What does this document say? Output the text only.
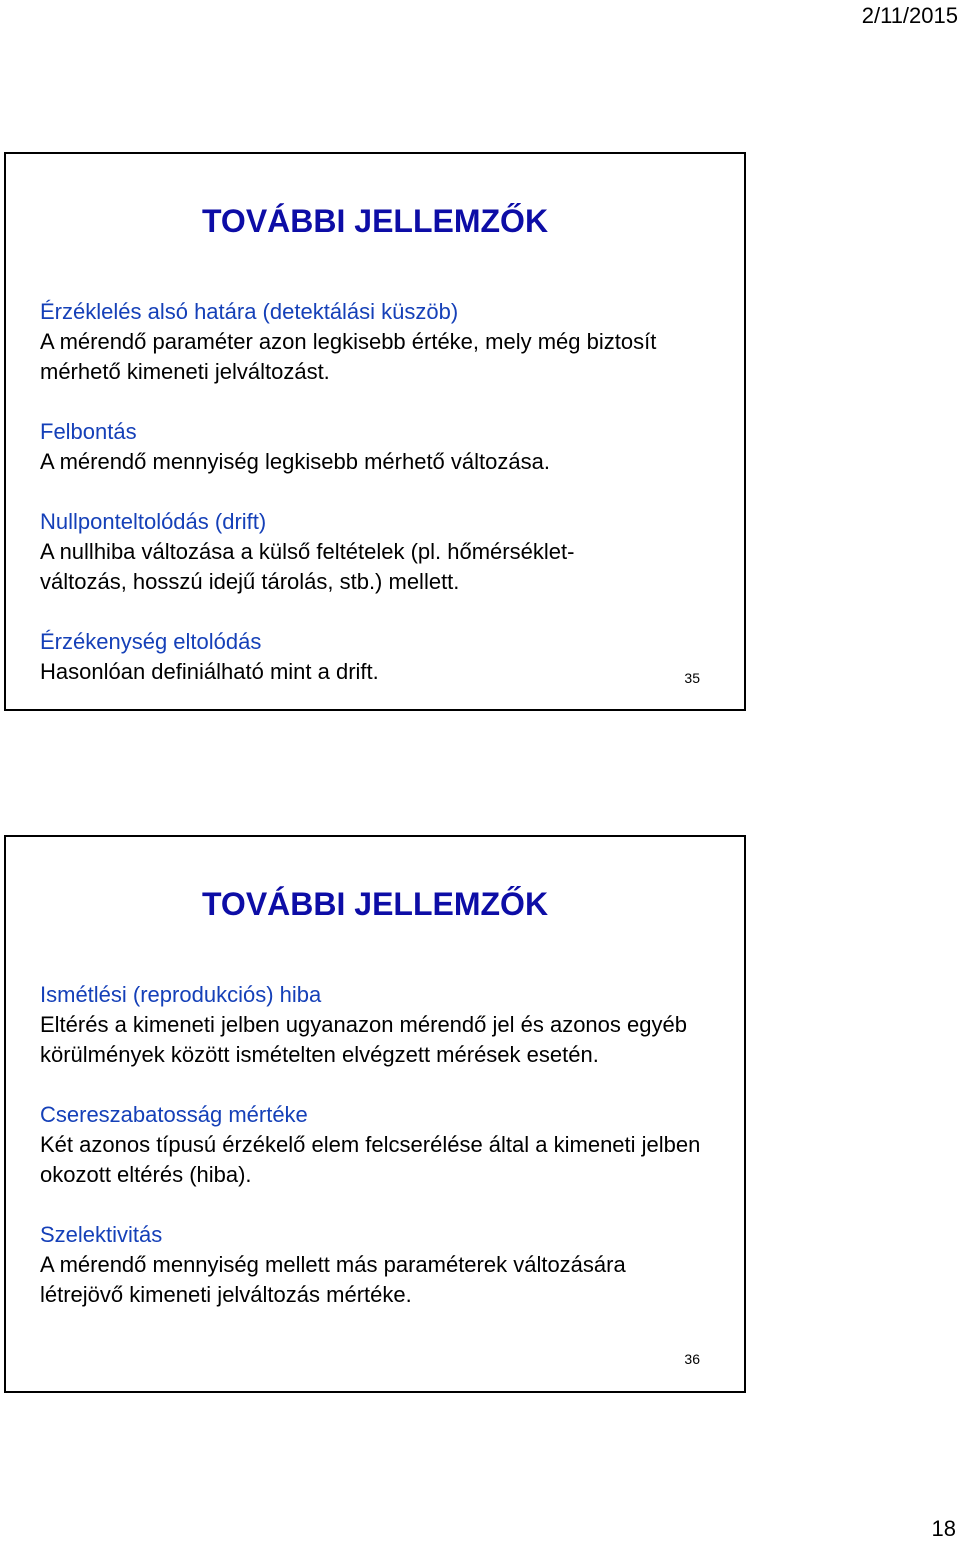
2/11/2015
TOVÁBBI JELLEMZŐK

Érzéklelés alsó határa (detektálási küszöb)

A mérendő paraméter azon legkisebb értéke, mely még biztosít mérhető kimeneti jelváltozást.

Felbontás

A mérendő mennyiség legkisebb mérhető változása.

Nullponteltolódás (drift)

A nullhiba változása a külső feltételek (pl. hőmérséklet-változás, hosszú idejű tárolás, stb.) mellett.

Érzékenység eltolódás

Hasonlóan definiálható mint a drift.	35
TOVÁBBI JELLEMZŐK

Ismétlési (reprodukciós) hiba

Eltérés a kimeneti jelben ugyanazon mérendő jel és azonos egyéb körülmények között ismételten elvégzett mérések esetén.

Csereszabatosság mértéke

Két azonos típusú érzékelő elem felcserélése által a kimeneti jelben okozott eltérés (hiba).

Szelektivitás

A mérendő mennyiség mellett más paraméterek változására létrejövő kimeneti jelváltozás mértéke.

36
18
